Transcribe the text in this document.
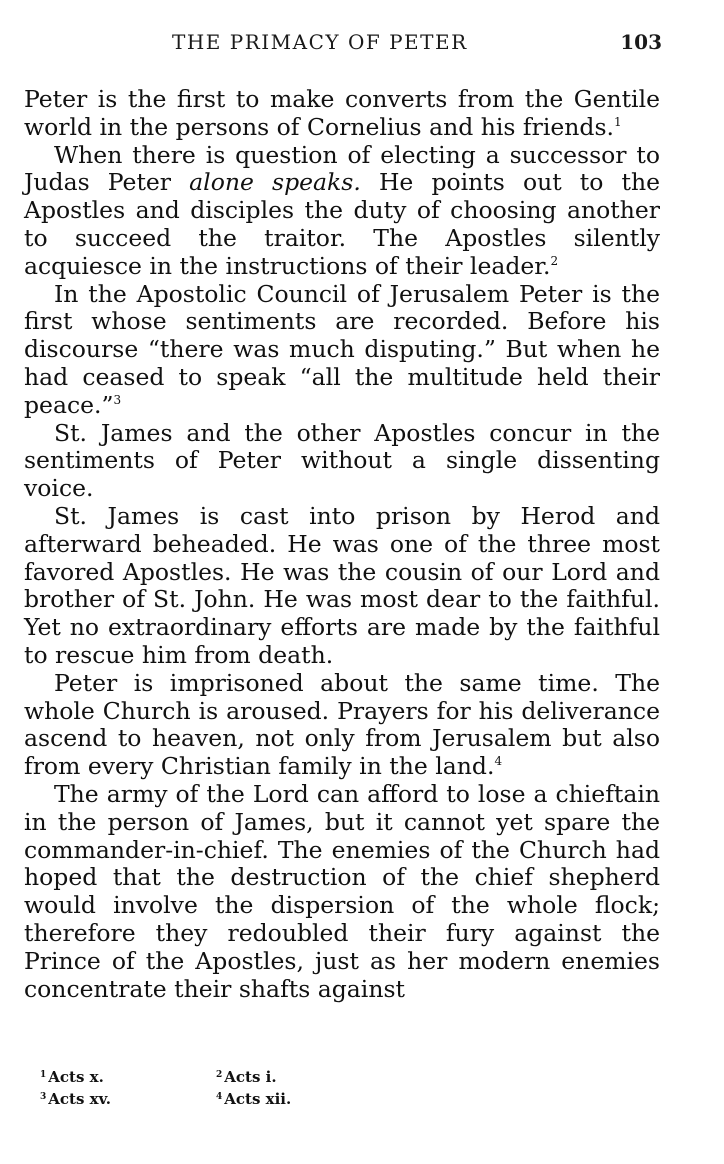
THE PRIMACY OF PETER	103

Peter is the first to make converts from the Gentile world in the persons of Cornelius and his friends.$^1$

When there is question of electing a successor to Judas Peter alone speaks. He points out to the Apostles and disciples the duty of choosing another to succeed the traitor. The Apostles silently acquiesce in the instructions of their leader.$^2$

In the Apostolic Council of Jerusalem Peter is the first whose sentiments are recorded. Before his discourse “there was much disputing.” But when he had ceased to speak “all the multitude held their peace.”$^3$

St. James and the other Apostles concur in the sentiments of Peter without a single dissenting voice.

St. James is cast into prison by Herod and afterward beheaded. He was one of the three most favored Apostles. He was the cousin of our Lord and brother of St. John. He was most dear to the faithful. Yet no extraordinary efforts are made by the faithful to rescue him from death.

Peter is imprisoned about the same time. The whole Church is aroused. Prayers for his deliverance ascend to heaven, not only from Jerusalem but also from every Christian family in the land.$^4$

The army of the Lord can afford to lose a chieftain in the person of James, but it cannot yet spare the commander-in-chief. The enemies of the Church had hoped that the destruction of the chief shepherd would involve the dispersion of the whole flock; therefore they redoubled their fury against the Prince of the Apostles, just as her modern enemies concentrate their shafts against

$^1$ Acts x.	$^2$ Acts i.
$^3$ Acts xv.	$^4$ Acts xii.
